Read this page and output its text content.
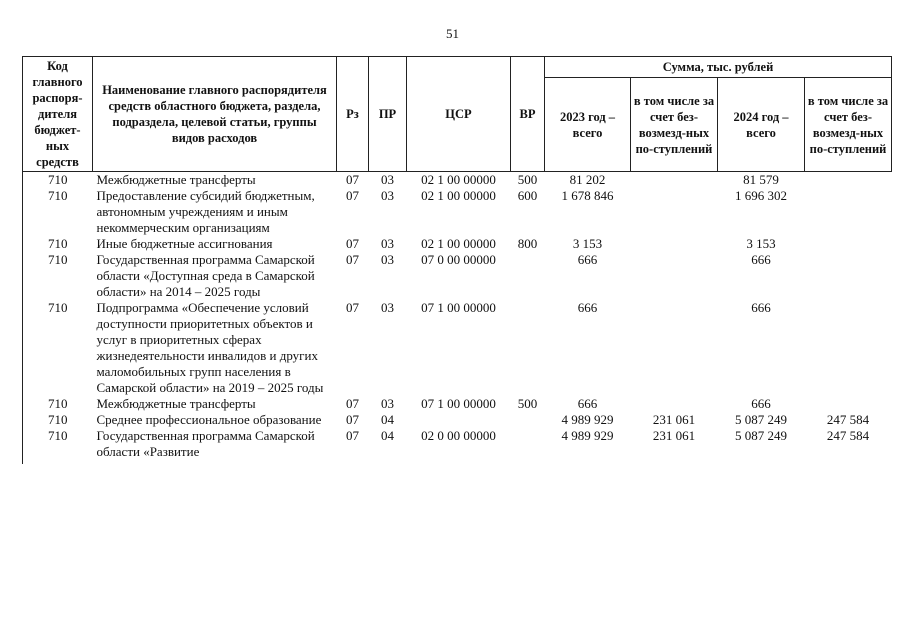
51
Код главного распоря-дителя бюджет-ных средств	Наименование главного распорядителя средств областного бюджета, раздела, подраздела, целевой статьи, группы видов расходов	Рз	ПР	ЦСР	ВР	Сумма, тыс. рублей			
						2023 год – всего	в том числе за счет без-возмезд-ных по-ступлений	2024 год – всего	в том числе за счет без-возмезд-ных по-ступлений
710	Межбюджетные трансферты	07	03	02 1 00 00000	500	81 202		81 579	
710	Предоставление субсидий бюджетным, автономным учреждениям и иным некоммерческим организациям	07	03	02 1 00 00000	600	1 678 846		1 696 302	
710	Иные бюджетные ассигнования	07	03	02 1 00 00000	800	3 153		3 153	
710	Государственная программа Самарской области «Доступная среда в Самарской области» на 2014 – 2025 годы	07	03	07 0 00 00000		666		666	
710	Подпрограмма «Обеспечение условий доступности приоритетных объектов и услуг в приоритетных сферах жизнедеятельности инвалидов и других маломобильных групп населения в Самарской области» на 2019 – 2025 годы	07	03	07 1 00 00000		666		666	
710	Межбюджетные трансферты	07	03	07 1 00 00000	500	666		666	
710	Среднее профессиональное образование	07	04			4 989 929	231 061	5 087 249	247 584
710	Государственная программа Самарской области «Развитие	07	04	02 0 00 00000		4 989 929	231 061	5 087 249	247 584
